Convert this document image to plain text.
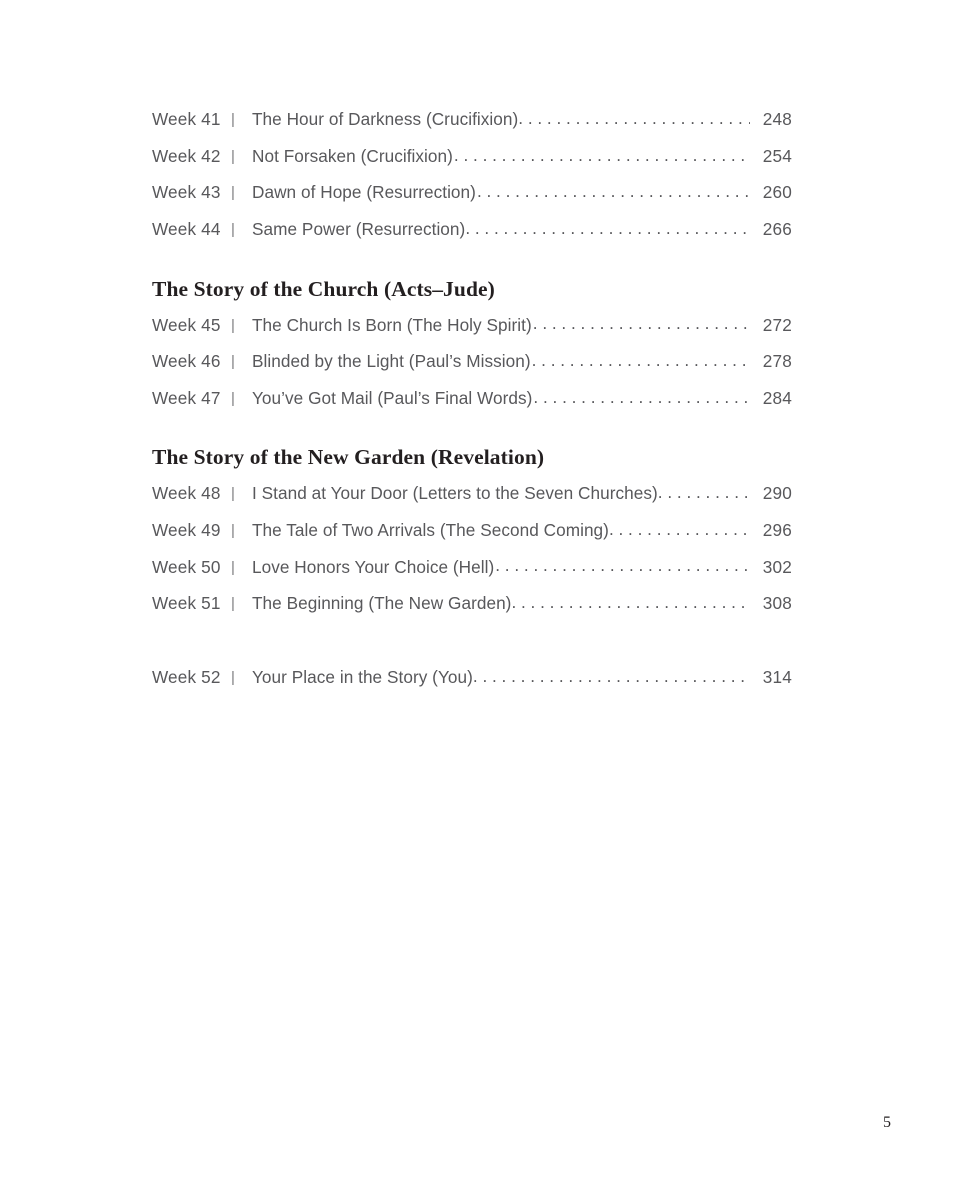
Week 41 | The Hour of Darkness (Crucifixion) . . .	248
Week 42 | Not Forsaken (Crucifixion) . . .	254
Week 43 | Dawn of Hope (Resurrection) . . .	260
Week 44 | Same Power (Resurrection) . . .	266
The Story of the Church (Acts–Jude)
Week 45 | The Church Is Born (The Holy Spirit) . . .	272
Week 46 | Blinded by the Light (Paul’s Mission) . . .	278
Week 47 | You’ve Got Mail (Paul’s Final Words) . . .	284
The Story of the New Garden (Revelation)
Week 48 | I Stand at Your Door (Letters to the Seven Churches) . . .	290
Week 49 | The Tale of Two Arrivals (The Second Coming) . . .	296
Week 50 | Love Honors Your Choice (Hell) . . .	302
Week 51 | The Beginning (The New Garden) . . .	308
Week 52 | Your Place in the Story (You) . . .	314
5
